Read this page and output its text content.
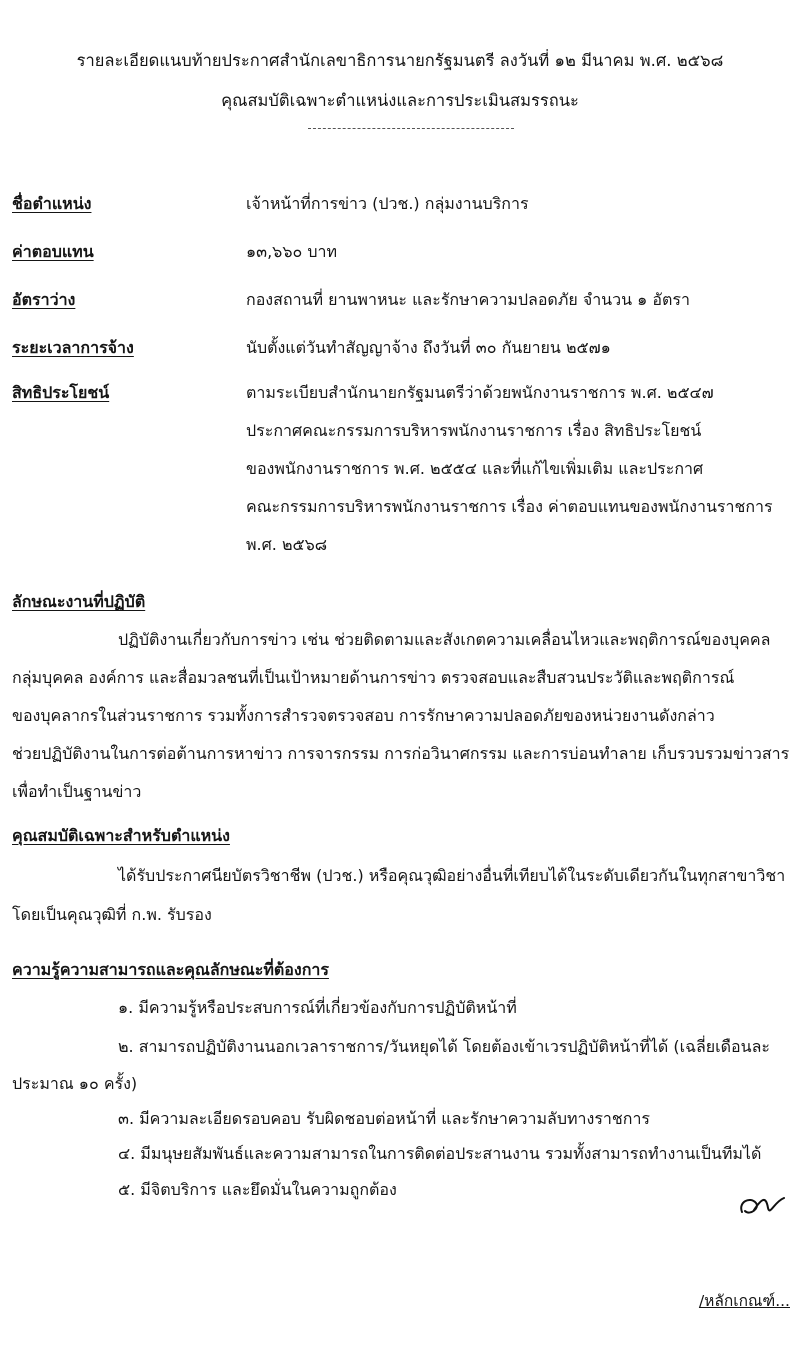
รายละเอียดแนบท้ายประกาศสำนักเลขาธิการนายกรัฐมนตรี ลงวันที่ ๑๒ มีนาคม พ.ศ. ๒๕๖๘
คุณสมบัติเฉพาะตำแหน่งและการประเมินสมรรถนะ
ชื่อตำแหน่ง	เจ้าหน้าที่การข่าว (ปวช.) กลุ่มงานบริการ
ค่าตอบแทน	๑๓,๖๖๐ บาท
อัตราว่าง	กองสถานที่ ยานพาหนะ และรักษาความปลอดภัย จำนวน ๑ อัตรา
ระยะเวลาการจ้าง	นับตั้งแต่วันทำสัญญาจ้าง ถึงวันที่ ๓๐ กันยายน ๒๕๗๑
สิทธิประโยชน์	ตามระเบียบสำนักนายกรัฐมนตรีว่าด้วยพนักงานราชการ พ.ศ. ๒๕๔๗
ประกาศคณะกรรมการบริหารพนักงานราชการ เรื่อง สิทธิประโยชน์
ของพนักงานราชการ พ.ศ. ๒๕๕๔ และที่แก้ไขเพิ่มเติม และประกาศ
คณะกรรมการบริหารพนักงานราชการ เรื่อง ค่าตอบแทนของพนักงานราชการ
พ.ศ. ๒๕๖๘
ลักษณะงานที่ปฏิบัติ
ปฏิบัติงานเกี่ยวกับการข่าว เช่น ช่วยติดตามและสังเกตความเคลื่อนไหวและพฤติการณ์ของบุคคล
กลุ่มบุคคล องค์การ และสื่อมวลชนที่เป็นเป้าหมายด้านการข่าว ตรวจสอบและสืบสวนประวัติและพฤติการณ์
ของบุคลากรในส่วนราชการ รวมทั้งการสำรวจตรวจสอบ การรักษาความปลอดภัยของหน่วยงานดังกล่าว
ช่วยปฏิบัติงานในการต่อต้านการหาข่าว การจารกรรม การก่อวินาศกรรม และการบ่อนทำลาย เก็บรวบรวมข่าวสาร
เพื่อทำเป็นฐานข่าว
คุณสมบัติเฉพาะสำหรับตำแหน่ง
ได้รับประกาศนียบัตรวิชาชีพ (ปวช.) หรือคุณวุฒิอย่างอื่นที่เทียบได้ในระดับเดียวกันในทุกสาขาวิชา
โดยเป็นคุณวุฒิที่ ก.พ. รับรอง
ความรู้ความสามารถและคุณลักษณะที่ต้องการ
๑. มีความรู้หรือประสบการณ์ที่เกี่ยวข้องกับการปฏิบัติหน้าที่
๒. สามารถปฏิบัติงานนอกเวลาราชการ/วันหยุดได้ โดยต้องเข้าเวรปฏิบัติหน้าที่ได้ (เฉลี่ยเดือนละ
ประมาณ ๑๐ ครั้ง)
๓. มีความละเอียดรอบคอบ รับผิดชอบต่อหน้าที่ และรักษาความลับทางราชการ
๔. มีมนุษยสัมพันธ์และความสามารถในการติดต่อประสานงาน รวมทั้งสามารถทำงานเป็นทีมได้
๕. มีจิตบริการ และยึดมั่นในความถูกต้อง
/หลักเกณฑ์...
